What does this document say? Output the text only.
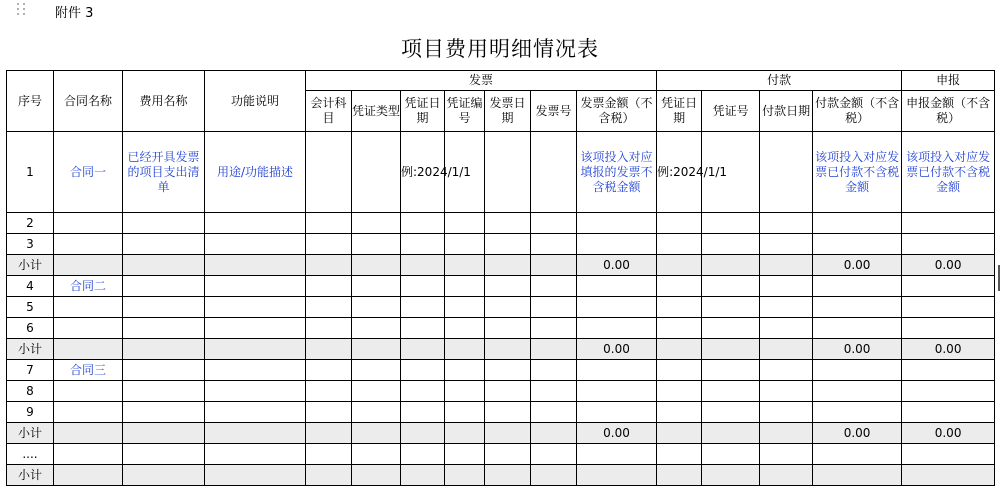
附件 3
项目费用明细情况表
序号	合同名称	费用名称	功能说明	发票							付款				申报
				会计科目	凭证类型	凭证日期	凭证编号	发票日期	发票号	发票金额（不含税）	凭证日期	凭证号	付款日期	付款金额（不含税）	申报金额（不含税）
1	合同一	已经开具发票的项目支出清单	用途/功能描述			例:2024/1/1				该项投入对应填报的发票不含税金额	例:2024/1/1			该项投入对应发票已付款不含税金额	该项投入对应发票已付款不含税金额
2															
3															
小计										0.00				0.00	0.00
4	合同二														
5															
6															
小计										0.00				0.00	0.00
7	合同三														
8															
9															
小计										0.00				0.00	0.00
....															
小计															
